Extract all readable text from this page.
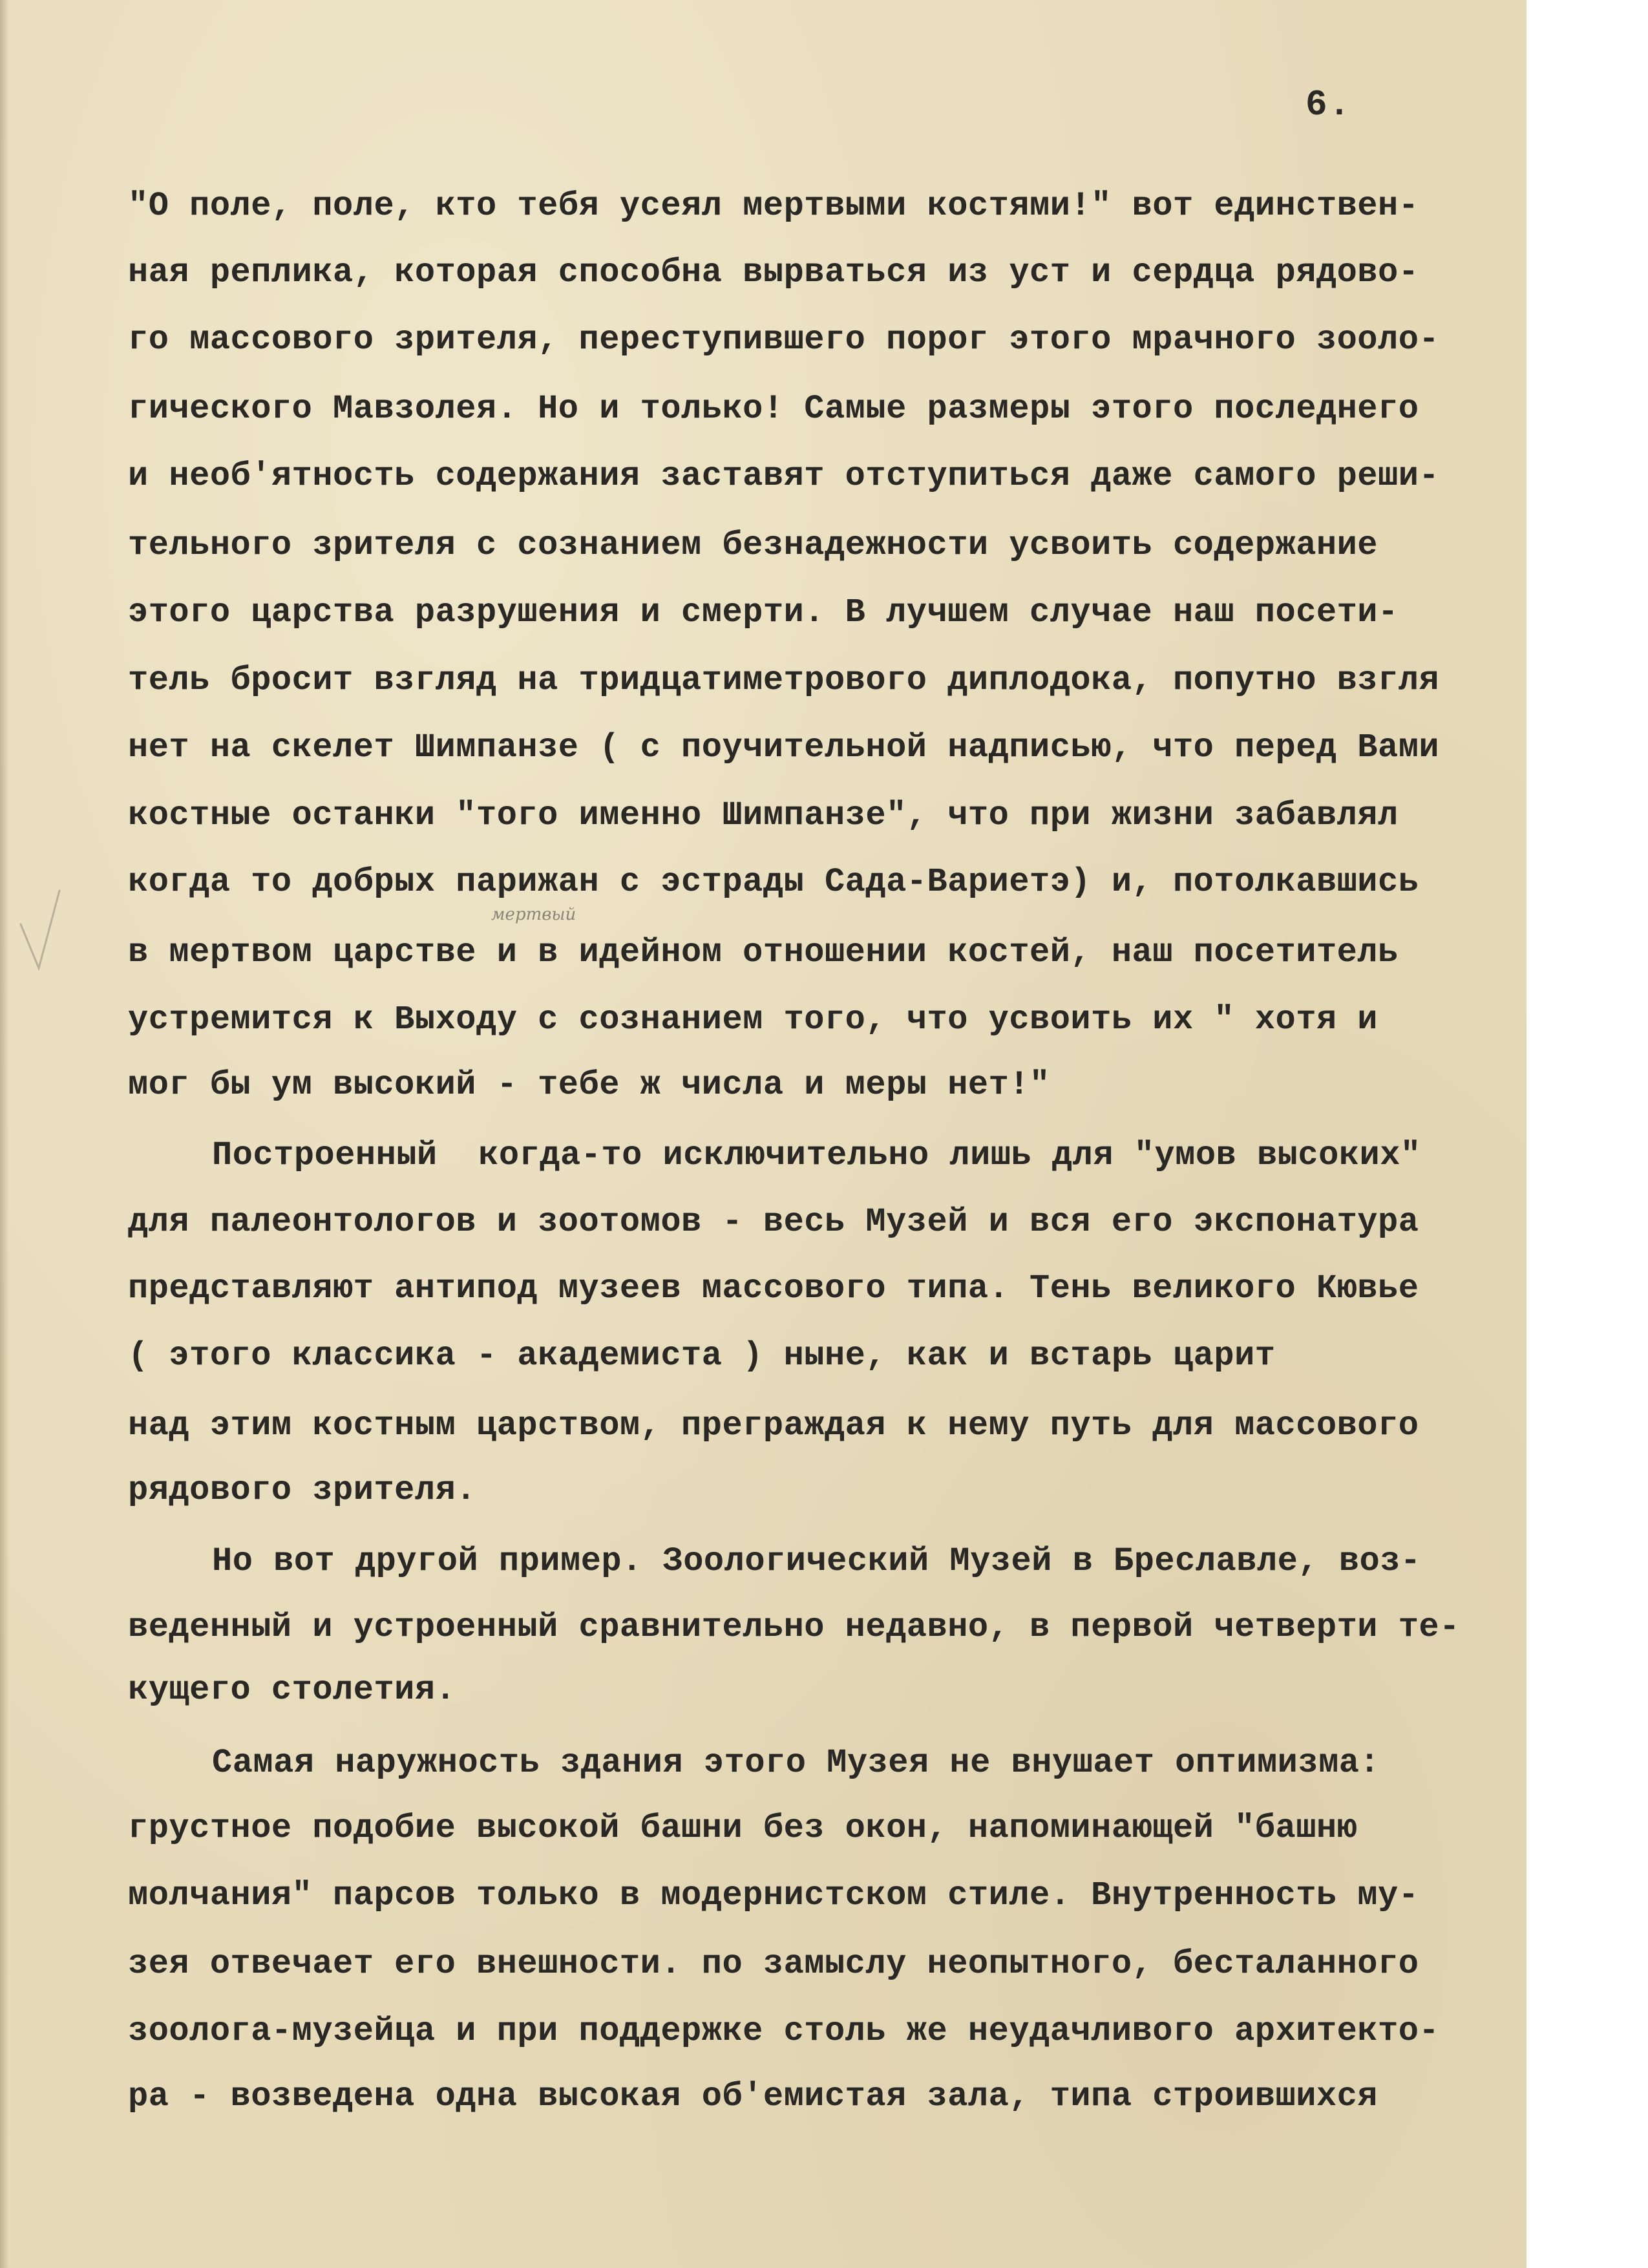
6.
мертвый
"О поле, поле, кто тебя усеял мертвыми костями!" вот единствен-
ная реплика, которая способна вырваться из уст и сердца рядово-
го массового зрителя, переступившего порог этого мрачного зооло-
гического Мавзолея. Но и только! Самые размеры этого последнего
и необ'ятность содержания заставят отступиться даже самого реши-
тельного зрителя с сознанием безнадежности усвоить содержание
этого царства разрушения и смерти. В лучшем случае наш посети-
тель бросит взгляд на тридцатиметрового диплодока, попутно взгля
нет на скелет Шимпанзе ( с поучительной надписью, что перед Вами
костные останки "того именно Шимпанзе", что при жизни забавлял
когда то добрых парижан с эстрады Сада-Вариетэ) и, потолкавшись
в мертвом царстве и в идейном отношении костей, наш посетитель
устремится к Выходу с сознанием того, что усвоить их " хотя и
мог бы ум высокий - тебе ж числа и меры нет!"
Построенный  когда-то исключительно лишь для "умов высоких"
для палеонтологов и зоотомов - весь Музей и вся его экспонатура
представляют антипод музеев массового типа. Тень великого Кювье
( этого классика - академиста ) ныне, как и встарь царит
над этим костным царством, преграждая к нему путь для массового
рядового зрителя.
Но вот другой пример. Зоологический Музей в Бреславле, воз-
веденный и устроенный сравнительно недавно, в первой четверти те-
кущего столетия.
Самая наружность здания этого Музея не внушает оптимизма:
грустное подобие высокой башни без окон, напоминающей "башню
молчания" парсов только в модернистском стиле. Внутренность му-
зея отвечает его внешности. по замыслу неопытного, бесталанного
зоолога-музейца и при поддержке столь же неудачливого архитекто-
ра - возведена одна высокая об'емистая зала, типа строившихся
